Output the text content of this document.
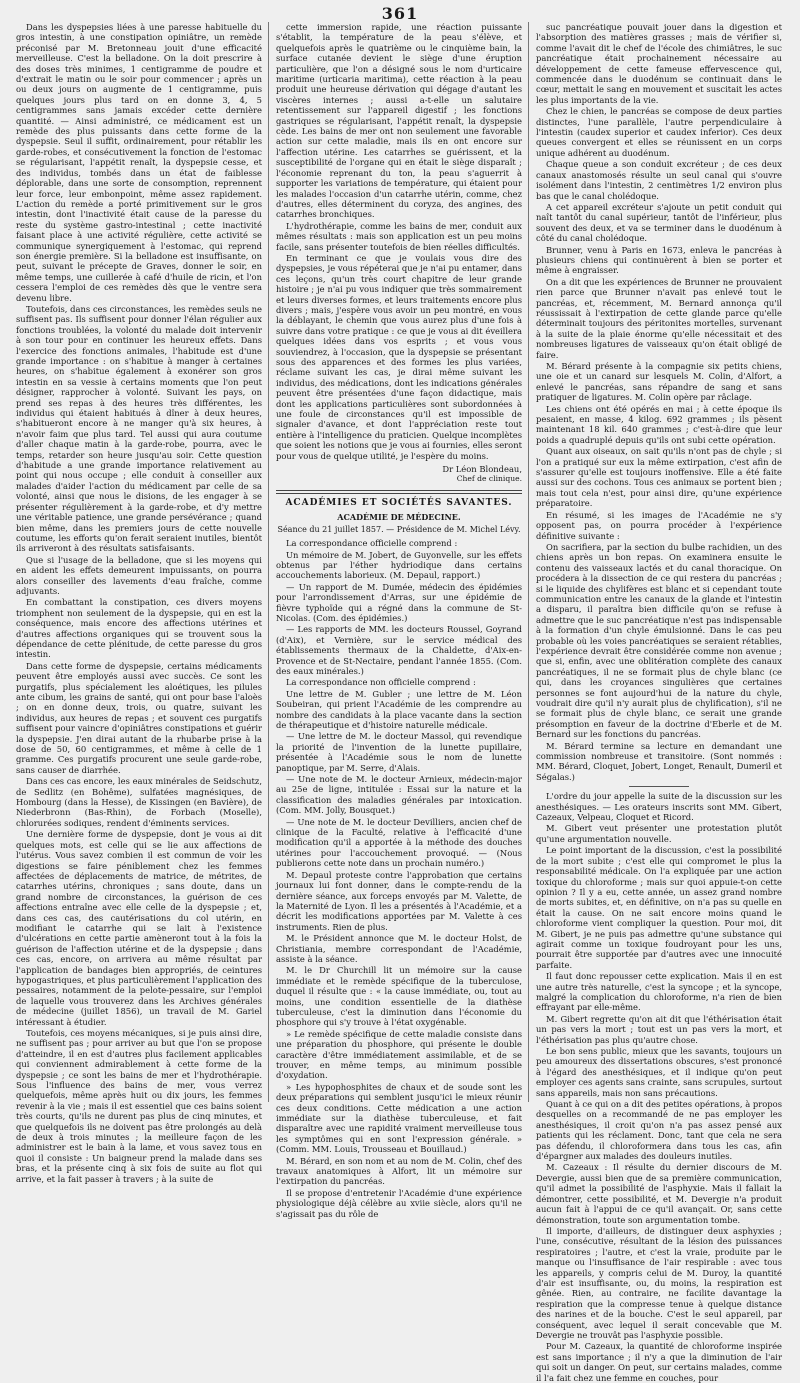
361

Dans les dyspepsies liées à une paresse habituelle du gros intestin, à une constipation opiniâtre, un remède préconisé par M. Bretonneau jouit d'une efficacité merveilleuse. C'est la belladone. On la doit prescrire à des doses très minimes, 1 centigramme de poudre et d'extrait le matin ou le soir pour commencer ; après un ou deux jours on augmente de 1 centigramme, puis quelques jours plus tard on en donne 3, 4, 5 centigrammes sans jamais excéder cette dernière quantité. — Ainsi administré, ce médicament est un remède des plus puissants dans cette forme de la dyspepsie. Seul il suffit, ordinairement, pour rétablir les garde-robes, et consécutivement la fonction de l'estomac se régularisant, l'appétit renaît, la dyspepsie cesse, et des individus, tombés dans un état de faiblesse déplorable, dans une sorte de consomption, reprennent leur force, leur embonpoint, même assez rapidement. L'action du remède a porté primitivement sur le gros intestin, dont l'inactivité était cause de la paresse du reste du système gastro-intestinal ; cette inactivité faisant place à une activité régulière, cette activité se communique synergiquement à l'estomac, qui reprend son énergie première. Si la belladone est insuffisante, on peut, suivant le précepte de Graves, donner le soir, en même temps, une cuillerée à café d'huile de ricin, et l'on cessera l'emploi de ces remèdes dès que le ventre sera devenu libre.

Toutefois, dans ces circonstances, les remèdes seuls ne suffisent pas. Ils suffisent pour donner l'élan régulier aux fonctions troublées, la volonté du malade doit intervenir à son tour pour en continuer les heureux effets. Dans l'exercice des fonctions animales, l'habitude est d'une grande importance : on s'habitue à manger à certaines heures, on s'habitue également à exonérer son gros intestin en sa vessie à certains moments que l'on peut désigner, rapprocher à volonté. Suivant les pays, on prend ses repas à des heures très différentes, les individus qui étaient habitués à dîner à deux heures, s'habitueront encore à ne manger qu'à six heures, à n'avoir faim que plus tard. Tel aussi qui aura coutume d'aller chaque matin à la garde-robe, pourra, avec le temps, retarder son heure jusqu'au soir. Cette question d'habitude a une grande importance relativement au point qui nous occupe ; elle conduit à conseiller aux malades d'aider l'action du médicament par celle de sa volonté, ainsi que nous le disions, de les engager à se présenter régulièrement à la garde-robe, et d'y mettre une véritable patience, une grande persévérance ; quand bien même, dans les premiers jours de cette nouvelle coutume, les efforts qu'on ferait seraient inutiles, bientôt ils arriveront à des résultats satisfaisants.

Que si l'usage de la belladone, que si les moyens qui en aident les effets demeurent impuissants, on pourra alors conseiller des lavements d'eau fraîche, comme adjuvants.

En combattant la constipation, ces divers moyens triomphent non seulement de la dyspepsie, qui en est la conséquence, mais encore des affections utérines et d'autres affections organiques qui se trouvent sous la dépendance de cette plénitude, de cette paresse du gros intestin.

Dans cette forme de dyspepsie, certains médicaments peuvent être employés aussi avec succès. Ce sont les purgatifs, plus spécialement les aloétiques, les pilules ante cibum, les grains de santé, qui ont pour base l'aloès ; on en donne deux, trois, ou quatre, suivant les individus, aux heures de repas ; et souvent ces purgatifs suffisent pour vaincre d'opiniâtres constipations et guérir la dyspepsie. J'en dirai autant de la rhubarbe prise à la dose de 50, 60 centigrammes, et même à celle de 1 gramme. Ces purgatifs procurent une seule garde-robe, sans causer de diarrhée.

Dans ces cas encore, les eaux minérales de Seidschutz, de Sedlitz (en Bohême), sulfatées magnésiques, de Hombourg (dans la Hesse), de Kissingen (en Bavière), de Niederbronn (Bas-Rhin), de Forbach (Moselle), chlorurées sodiques, rendent d'éminents services.

Une dernière forme de dyspepsie, dont je vous ai dit quelques mots, est celle qui se lie aux affections de l'utérus. Vous savez combien il est commun de voir les digestions se faire péniblement chez les femmes affectées de déplacements de matrice, de métrites, de catarrhes utérins, chroniques ; sans doute, dans un grand nombre de circonstances, la guérison de ces affections entraîne avec elle celle de la dyspepsie ; et, dans ces cas, des cautérisations du col utérin, en modifiant le catarrhe qui se lait à l'existence d'ulcérations en cette partie amèneront tout à la fois la guérison de l'affection utérine et de la dyspepsie ; dans ces cas, encore, on arrivera au même résultat par l'application de bandages bien appropriés, de ceintures hypogastriques, et plus particulièrement l'application des pessaires, notamment de la pelote-pessaire, sur l'emploi de laquelle vous trouverez dans les Archives générales de médecine (juillet 1856), un travail de M. Gariel intéressant à étudier.

Toutefois, ces moyens mécaniques, si je puis ainsi dire, ne suffisent pas ; pour arriver au but que l'on se propose d'atteindre, il en est d'autres plus facilement applicables qui conviennent admirablement à cette forme de la dyspepsie ; ce sont les bains de mer et l'hydrothérapie. Sous l'influence des bains de mer, vous verrez quelquefois, même après huit ou dix jours, les femmes revenir à la vie ; mais il est essentiel que ces bains soient très courts, qu'ils ne durent pas plus de cinq minutes, et que quelquefois ils ne doivent pas être prolongés au delà de deux à trois minutes ; la meilleure façon de les administrer est le bain à la lame, et vous savez tous en quoi il consiste : Un baigneur prend la malade dans ses bras, et la présente cinq à six fois de suite au flot qui arrive, et la fait passer à travers ; à la suite de

cette immersion rapide, une réaction puissante s'établit, la température de la peau s'élève, et quelquefois après le quatrième ou le cinquième bain, la surface cutanée devient le siège d'une éruption particulière, que l'on a désigné sous le nom d'urticaire maritime (urticaria maritima), cette réaction à la peau produit une heureuse dérivation qui dégage d'autant les viscères internes ; aussi a-t-elle un salutaire retentissement sur l'appareil digestif ; les fonctions gastriques se régularisant, l'appétit renaît, la dyspepsie cède. Les bains de mer ont non seulement une favorable action sur cette maladie, mais ils en ont encore sur l'affection utérine. Les catarrhes se guérissent, et la susceptibilité de l'organe qui en était le siège disparaît ; l'économie reprenant du ton, la peau s'aguerrit à supporter les variations de température, qui étaient pour les malades l'occasion d'un catarrhe utérin, comme, chez d'autres, elles déterminent du coryza, des angines, des catarrhes bronchiques.

L'hydrothérapie, comme les bains de mer, conduit aux mêmes résultats : mais son application est un peu moins facile, sans présenter toutefois de bien réelles difficultés.

En terminant ce que je voulais vous dire des dyspepsies, je vous répéterai que je n'ai pu entamer, dans ces leçons, qu'un très court chapitre de leur grande histoire ; je n'ai pu vous indiquer que très sommairement et leurs diverses formes, et leurs traitements encore plus divers ; mais, j'espère vous avoir un peu montré, en vous la déblayant, le chemin que vous aurez plus d'une fois à suivre dans votre pratique : ce que je vous ai dit éveillera quelques idées dans vos esprits ; et vous vous souviendrez, à l'occasion, que la dyspepsie se présentant sous des apparences et des formes les plus variées, réclame suivant les cas, je dirai même suivant les individus, des médications, dont les indications générales peuvent être présentées d'une façon didactique, mais dont les applications particulières sont subordonnées à une foule de circonstances qu'il est impossible de signaler d'avance, et dont l'appréciation reste tout entière à l'intelligence du praticien. Quelque incomplètes que soient les notions que je vous ai fournies, elles seront pour vous de quelque utilité, je l'espère du moins.

Dr Léon Blondeau,
Chef de clinique.
ACADÉMIES ET SOCIÉTÉS SAVANTES.
ACADÉMIE DE MÉDECINE.
Séance du 21 juillet 1857. — Présidence de M. Michel Lévy.

La correspondance officielle comprend :

Un mémoire de M. Jobert, de Guyonvelle, sur les effets obtenus par l'éther hydriodique dans certains accouchements laborieux. (M. Depaul, rapport.)

— Un rapport de M. Dumée, médecin des épidémies pour l'arrondissement d'Arras, sur une épidémie de fièvre typhoïde qui a régné dans la commune de St-Nicolas. (Com. des épidémies.)

— Les rapports de MM. les docteurs Roussel, Goyrand (d'Aix), et Vernière, sur le service médical des établissements thermaux de la Chaldette, d'Aix-en-Provence et de St-Nectaire, pendant l'année 1855. (Com. des eaux minérales.)

La correspondance non officielle comprend :

Une lettre de M. Gubler ; une lettre de M. Léon Soubeiran, qui prient l'Académie de les comprendre au nombre des candidats à la place vacante dans la section de thérapeutique et d'histoire naturelle médicale.

— Une lettre de M. le docteur Massol, qui revendique la priorité de l'invention de la lunette pupillaire, présentée à l'Académie sous le nom de lunette panoptique, par M. Serre, d'Alais.

— Une note de M. le docteur Arnieux, médecin-major au 25e de ligne, intitulée : Essai sur la nature et la classification des maladies générales par intoxication. (Com. MM. Jolly, Bousquet.)

— Une note de M. le docteur Devilliers, ancien chef de clinique de la Faculté, relative à l'efficacité d'une modification qu'il a apportée à la méthode des douches utérines pour l'accouchement provoqué. — (Nous publierons cette note dans un prochain numéro.)

M. Depaul proteste contre l'approbation que certains journaux lui font donner, dans le compte-rendu de la dernière séance, aux forceps envoyés par M. Valette, de la Maternité de Lyon. Il les a présentés à l'Académie, et a décrit les modifications apportées par M. Valette à ces instruments. Rien de plus.

M. le Président annonce que M. le docteur Holst, de Christiania, membre correspondant de l'Académie, assiste à la séance.

M. le Dr Churchill lit un mémoire sur la cause immédiate et le remède spécifique de la tuberculose, duquel il résulte que : « la cause immédiate, ou, tout au moins, une condition essentielle de la diathèse tuberculeuse, c'est la diminution dans l'économie du phosphore qui s'y trouve à l'état oxygénable.

» Le remède spécifique de cette maladie consiste dans une préparation du phosphore, qui présente le double caractère d'être immédiatement assimilable, et de se trouver, en même temps, au minimum possible d'oxydation.

» Les hypophosphites de chaux et de soude sont les deux préparations qui semblent jusqu'ici le mieux réunir ces deux conditions. Cette médication a une action immédiate sur la diathèse tuberculeuse, et fait disparaître avec une rapidité vraiment merveilleuse tous les symptômes qui en sont l'expression générale. » (Comm. MM. Louis, Trousseau et Bouillaud.)

M. Bérard, en son nom et au nom de M. Colin, chef des travaux anatomiques à Alfort, lit un mémoire sur l'extirpation du pancréas.

Il se propose d'entretenir l'Académie d'une expérience physiologique déjà célèbre au xviie siècle, alors qu'il ne s'agissait pas du rôle de

suc pancréatique pouvait jouer dans la digestion et l'absorption des matières grasses ; mais de vérifier si, comme l'avait dit le chef de l'école des chimiâtres, le suc pancréatique était prochainement nécessaire au développement de cette fameuse effervescence qui, commencée dans le duodénum se continuait dans le cœur, mettait le sang en mouvement et suscitait les actes les plus importants de la vie.

Chez le chien, le pancréas se compose de deux parties distinctes, l'une parallèle, l'autre perpendiculaire à l'intestin (caudex superior et caudex inferior). Ces deux queues convergent et elles se réunissent en un corps unique adhérent au duodénum.

Chaque queue a son conduit excréteur ; de ces deux canaux anastomosés résulte un seul canal qui s'ouvre isolément dans l'intestin, 2 centimètres 1/2 environ plus bas que le canal cholédoque.

A cet appareil excréteur s'ajoute un petit conduit qui naît tantôt du canal supérieur, tantôt de l'inférieur, plus souvent des deux, et va se terminer dans le duodénum à côté du canal cholédoque.

Brunner, venu à Paris en 1673, enleva le pancréas à plusieurs chiens qui continuèrent à bien se porter et même à engraisser.

On a dit que les expériences de Brunner ne prouvaient rien parce que Brunner n'avait pas enlevé tout le pancréas, et, récemment, M. Bernard annonça qu'il réussissait à l'extirpation de cette glande parce qu'elle déterminait toujours des péritonites mortelles, survenant à la suite de la plaie énorme qu'elle nécessitait et des nombreuses ligatures de vaisseaux qu'on était obligé de faire.

M. Bérard présente à la compagnie six petits chiens, une oie et un canard sur lesquels M. Colin, d'Alfort, a enlevé le pancréas, sans répandre de sang et sans pratiquer de ligatures. M. Colin opère par râclage.

Les chiens ont été opérés en mai ; à cette époque ils pesaient, en masse, 4 kilog. 692 grammes ; ils pèsent maintenant 18 kil. 640 grammes ; c'est-à-dire que leur poids a quadruplé depuis qu'ils ont subi cette opération.

Quant aux oiseaux, on sait qu'ils n'ont pas de chyle ; si l'on a pratiqué sur eux la même extirpation, c'est afin de s'assurer qu'elle est toujours inoffensive. Elle a été faite aussi sur des cochons. Tous ces animaux se portent bien ; mais tout cela n'est, pour ainsi dire, qu'une expérience préparatoire.

En résumé, si les images de l'Académie ne s'y opposent pas, on pourra procéder à l'expérience définitive suivante :

On sacrifiera, par la section du bulbe rachidien, un des chiens après un bon repas. On examinera ensuite le contenu des vaisseaux lactés et du canal thoracique. On procédera à la dissection de ce qui restera du pancréas ; si le liquide des chylifères est blanc et si cependant toute communication entre les canaux de la glande et l'intestin a disparu, il paraîtra bien difficile qu'on se refuse à admettre que le suc pancréatique n'est pas indispensable à la formation d'un chyle émulsionné. Dans le cas peu probable où les voies pancréatiques se seraient rétablies, l'expérience devrait être considérée comme non avenue ; que si, enfin, avec une oblitération complète des canaux pancréatiques, il ne se formait plus de chyle blanc (ce qui, dans les croyances singulières que certaines personnes se font aujourd'hui de la nature du chyle, voudrait dire qu'il n'y aurait plus de chylification), s'il ne se formait plus de chyle blanc, ce serait une grande présomption en faveur de la doctrine d'Eberle et de M. Bernard sur les fonctions du pancréas.

M. Bérard termine sa lecture en demandant une commission nombreuse et transitoire. (Sont nommés : MM. Bérard, Cloquet, Jobert, Longet, Renault, Dumeril et Ségalas.)

L'ordre du jour appelle la suite de la discussion sur les anesthésiques. — Les orateurs inscrits sont MM. Gibert, Cazeaux, Velpeau, Cloquet et Ricord.

M. Gibert veut présenter une protestation plutôt qu'une argumentation nouvelle.

Le point important de la discussion, c'est la possibilité de la mort subite ; c'est elle qui compromet le plus la responsabilité médicale. On l'a expliquée par une action toxique du chloroforme ; mais sur quoi appuie-t-on cette opinion ? Il y a eu, cette année, un assez grand nombre de morts subites, et, en définitive, on n'a pas su quelle en était la cause. On ne sait encore moins quand le chloroforme vient compliquer la question. Pour moi, dit M. Gibert, je ne puis pas admettre qu'une substance qui agirait comme un toxique foudroyant pour les uns, pourrait être supportée par d'autres avec une innocuité parfaite.

Il faut donc repousser cette explication. Mais il en est une autre très naturelle, c'est la syncope ; et la syncope, malgré la complication du chloroforme, n'a rien de bien effrayant par elle-même.

M. Gibert regrette qu'on ait dit que l'éthérisation était un pas vers la mort ; tout est un pas vers la mort, et l'éthérisation pas plus qu'autre chose.

Le bon sens public, mieux que les savants, toujours un peu amoureux des dissertations obscures, s'est prononcé à l'égard des anesthésiques, et il indique qu'on peut employer ces agents sans crainte, sans scrupules, surtout sans appareils, mais non sans précautions.

Quant à ce qui on a dit des petites opérations, à propos desquelles on a recommandé de ne pas employer les anesthésiques, il croit qu'on n'a pas assez pensé aux patients qui les réclament. Donc, tant que cela ne sera pas défendu, il chloroformera dans tous les cas, afin d'épargner aux malades des douleurs inutiles.

M. Cazeaux : Il résulte du dernier discours de M. Devergie, aussi bien que de sa première communication, qu'il admet la possibilité de l'asphyxie. Mais il fallait la démontrer, cette possibilité, et M. Devergie n'a produit aucun fait à l'appui de ce qu'il avançait. Or, sans cette démonstration, toute son argumentation tombe.

Il importe, d'ailleurs, de distinguer deux asphyxies ; l'une, consécutive, résultant de la lésion des puissances respiratoires ; l'autre, et c'est la vraie, produite par le manque ou l'insuffisance de l'air respirable : avec tous les appareils, y compris celui de M. Duroy, la quantité d'air est insuffisante, ou, du moins, la respiration est gênée. Rien, au contraire, ne facilite davantage la respiration que la compresse tenue à quelque distance des narines et de la bouche. C'est le seul appareil, par conséquent, avec lequel il serait concevable que M. Devergie ne trouvât pas l'asphyxie possible.

Pour M. Cazeaux, la quantité de chloroforme inspirée est sans importance ; il n'y a que la diminution de l'air qui soit un danger. On peut, sur certains malades, comme il l'a fait chez une femme en couches, pour
